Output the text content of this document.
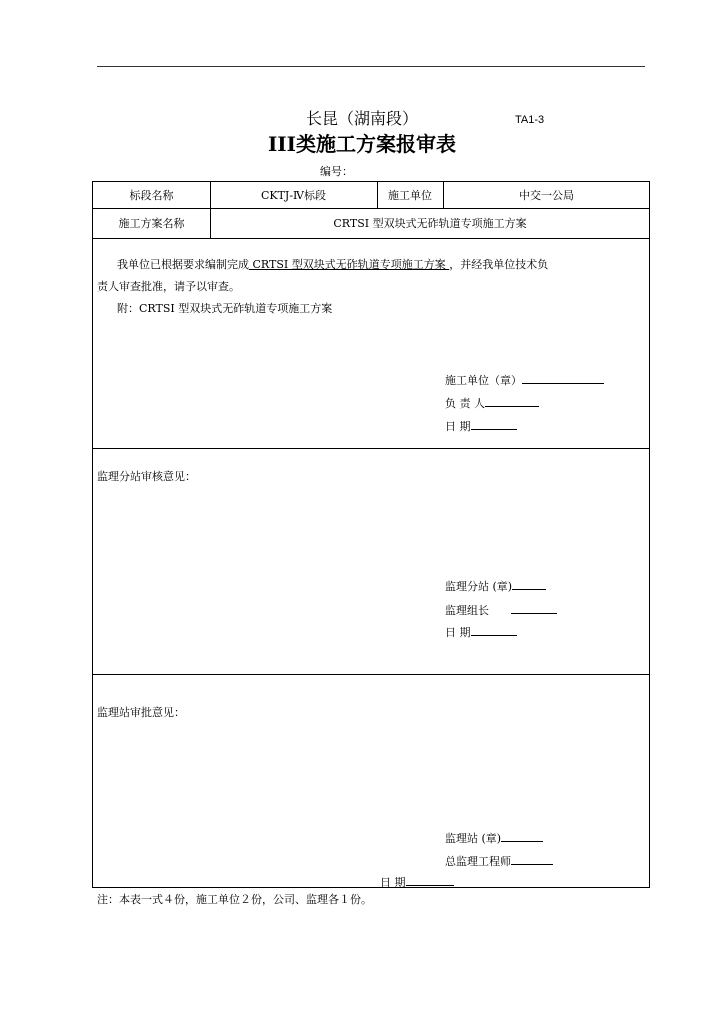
长昆（湖南段）	TA1-3
III类施工方案报审表
编号：
标段名称	CKTJ-Ⅳ标段	施工单位	中交一公局
施工方案名称	CRTSⅠ 型双块式无砟轨道专项施工方案
我单位已根据要求编制完成 CRTSⅠ 型双块式无砟轨道专项施工方案 ，并经我单位技术负
责人审查批准，请予以审查。
附：CRTSⅠ 型双块式无砟轨道专项施工方案
施工单位（章）
负 责 人
日 期
监理分站审核意见：
监理分站 (章)
监理组长
日 期
监理站审批意见：
监理站 (章)
总监理工程师
日 期
注：本表一式４份，施工单位２份，公司、监理各１份。
